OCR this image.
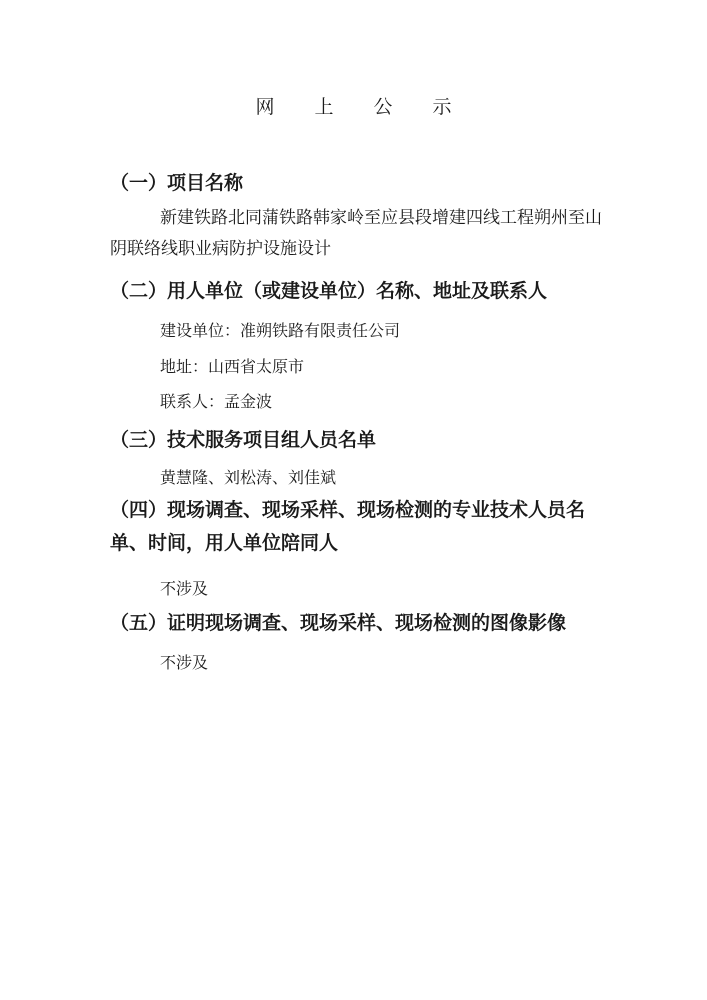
网 上 公 示
（一）项目名称
新建铁路北同蒲铁路韩家岭至应县段增建四线工程朔州至山阴联络线职业病防护设施设计
（二）用人单位（或建设单位）名称、地址及联系人
建设单位：准朔铁路有限责任公司
地址：山西省太原市
联系人：孟金波
（三）技术服务项目组人员名单
黄慧隆、刘松涛、刘佳斌
（四）现场调查、现场采样、现场检测的专业技术人员名单、时间，用人单位陪同人
不涉及
（五）证明现场调查、现场采样、现场检测的图像影像
不涉及
